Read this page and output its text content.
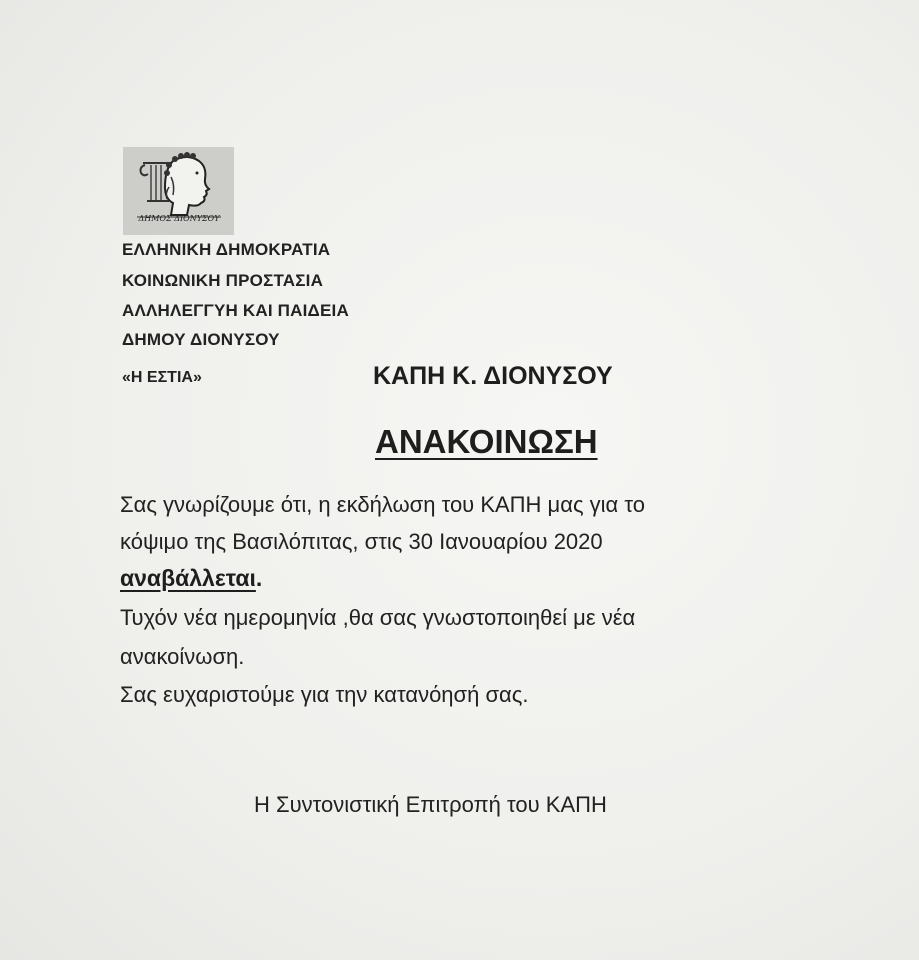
ΔΗΜΟΣ ΔΙΟΝΥΣΟΥ
ΕΛΛΗΝΙΚΗ ΔΗΜΟΚΡΑΤΙΑ
ΚΟΙΝΩΝΙΚΗ ΠΡΟΣΤΑΣΙΑ
ΑΛΛΗΛΕΓΓΥΗ ΚΑΙ ΠΑΙΔΕΙΑ
ΔΗΜΟΥ ΔΙΟΝΥΣΟΥ
«Η ΕΣΤΙΑ»	ΚΑΠΗ Κ. ΔΙΟΝΥΣΟΥ
ΑΝΑΚΟΙΝΩΣΗ
Σας γνωρίζουμε ότι, η εκδήλωση του ΚΑΠΗ μας για το
κόψιμο της Βασιλόπιτας, στις 30 Ιανουαρίου 2020
αναβάλλεται.
Τυχόν νέα ημερομηνία ,θα σας γνωστοποιηθεί με νέα
ανακοίνωση.
Σας ευχαριστούμε για την κατανόησή σας.
Η Συντονιστική Επιτροπή του ΚΑΠΗ
